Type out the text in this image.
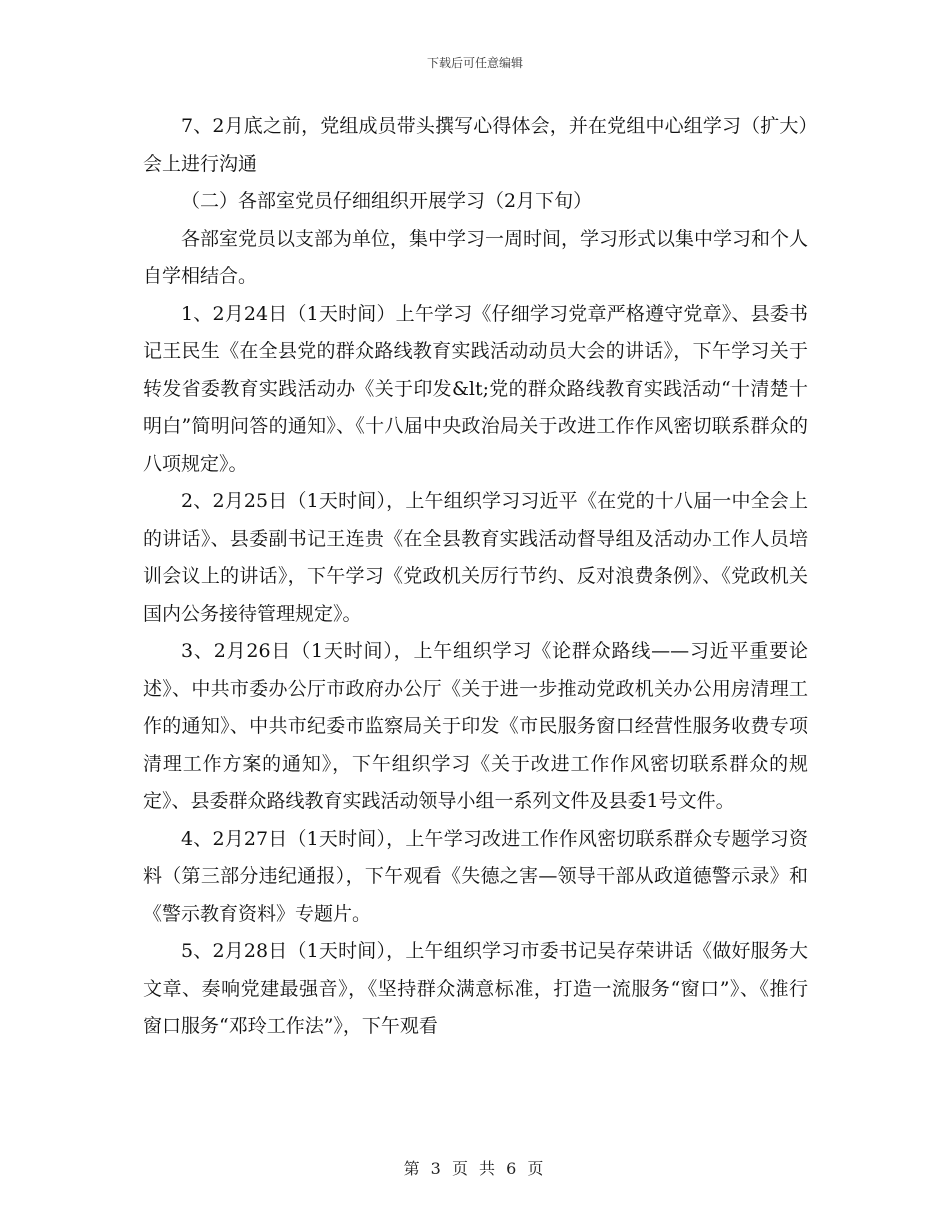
下载后可任意编辑

7、2月底之前，党组成员带头撰写心得体会，并在党组中心组学习（扩大）会上进行沟通

（二）各部室党员仔细组织开展学习（2月下旬）

各部室党员以支部为单位，集中学习一周时间，学习形式以集中学习和个人自学相结合。

1、2月24日（1天时间）上午学习《仔细学习党章严格遵守党章》、县委书记王民生《在全县党的群众路线教育实践活动动员大会的讲话》，下午学习关于转发省委教育实践活动办《关于印发&lt;党的群众路线教育实践活动“十清楚十明白”简明问答的通知》、《十八届中央政治局关于改进工作作风密切联系群众的八项规定》。

2、2月25日（1天时间），上午组织学习习近平《在党的十八届一中全会上的讲话》、县委副书记王连贵《在全县教育实践活动督导组及活动办工作人员培训会议上的讲话》，下午学习《党政机关厉行节约、反对浪费条例》、《党政机关国内公务接待管理规定》。

3、2月26日（1天时间），上午组织学习《论群众路线——习近平重要论述》、中共市委办公厅市政府办公厅《关于进一步推动党政机关办公用房清理工作的通知》、中共市纪委市监察局关于印发《市民服务窗口经营性服务收费专项清理工作方案的通知》，下午组织学习《关于改进工作作风密切联系群众的规定》、县委群众路线教育实践活动领导小组一系列文件及县委1号文件。

4、2月27日（1天时间），上午学习改进工作作风密切联系群众专题学习资料（第三部分违纪通报），下午观看《失德之害—领导干部从政道德警示录》和《警示教育资料》专题片。

5、2月28日（1天时间），上午组织学习市委书记吴存荣讲话《做好服务大文章、奏响党建最强音》，《坚持群众满意标准，打造一流服务“窗口”》、《推行窗口服务“邓玲工作法”》，下午观看

第 3 页 共 6 页
